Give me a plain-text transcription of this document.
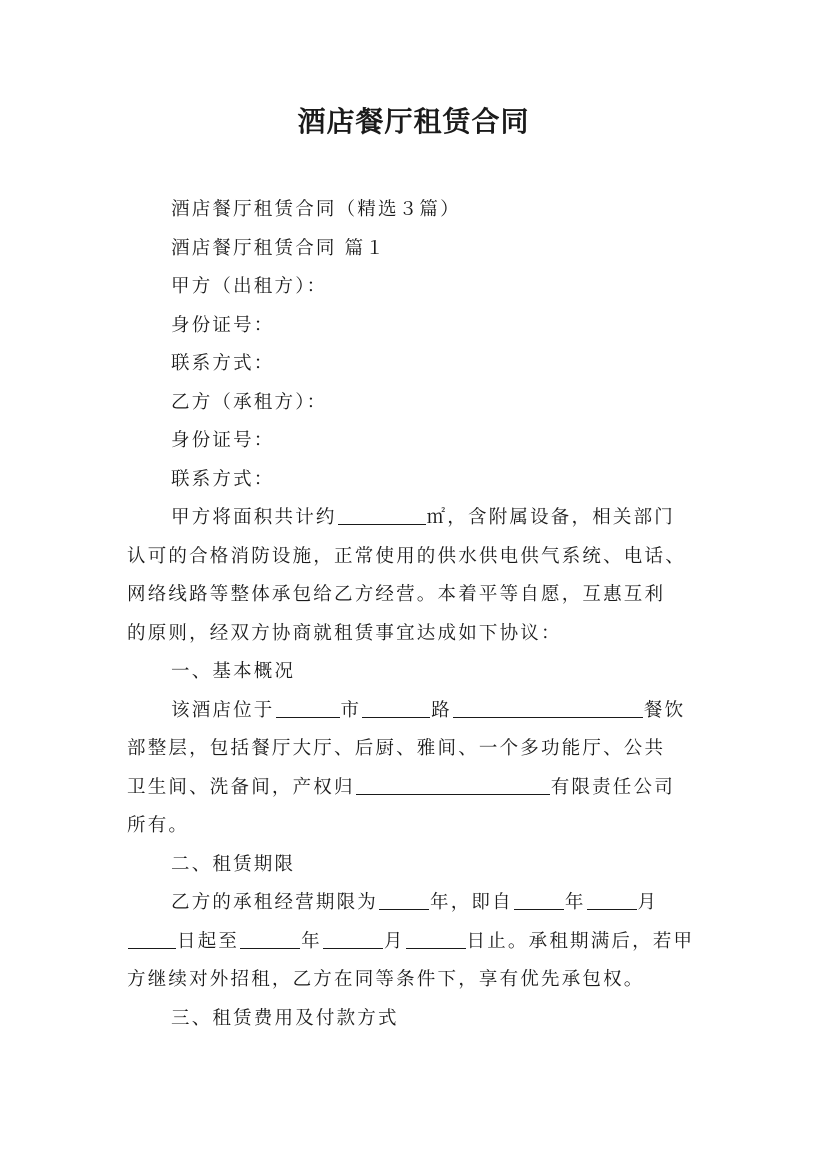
酒店餐厅租赁合同
酒店餐厅租赁合同（精选３篇）
酒店餐厅租赁合同 篇１
甲方（出租方）：
身份证号：
联系方式：
乙方（承租方）：
身份证号：
联系方式：
甲方将面积共计约	㎡，含附属设备，相关部门
认可的合格消防设施，正常使用的供水供电供气系统、电话、
网络线路等整体承包给乙方经营。本着平等自愿，互惠互利
的原则，经双方协商就租赁事宜达成如下协议：
一、基本概况
该酒店位于	市	路	餐饮
部整层，包括餐厅大厅、后厨、雅间、一个多功能厅、公共
卫生间、洗备间，产权归	有限责任公司
所有。
二、租赁期限
乙方的承租经营期限为	年，即自	年	月
日起至	年	月	日止。承租期满后，若甲
方继续对外招租，乙方在同等条件下，享有优先承包权。
三、租赁费用及付款方式
